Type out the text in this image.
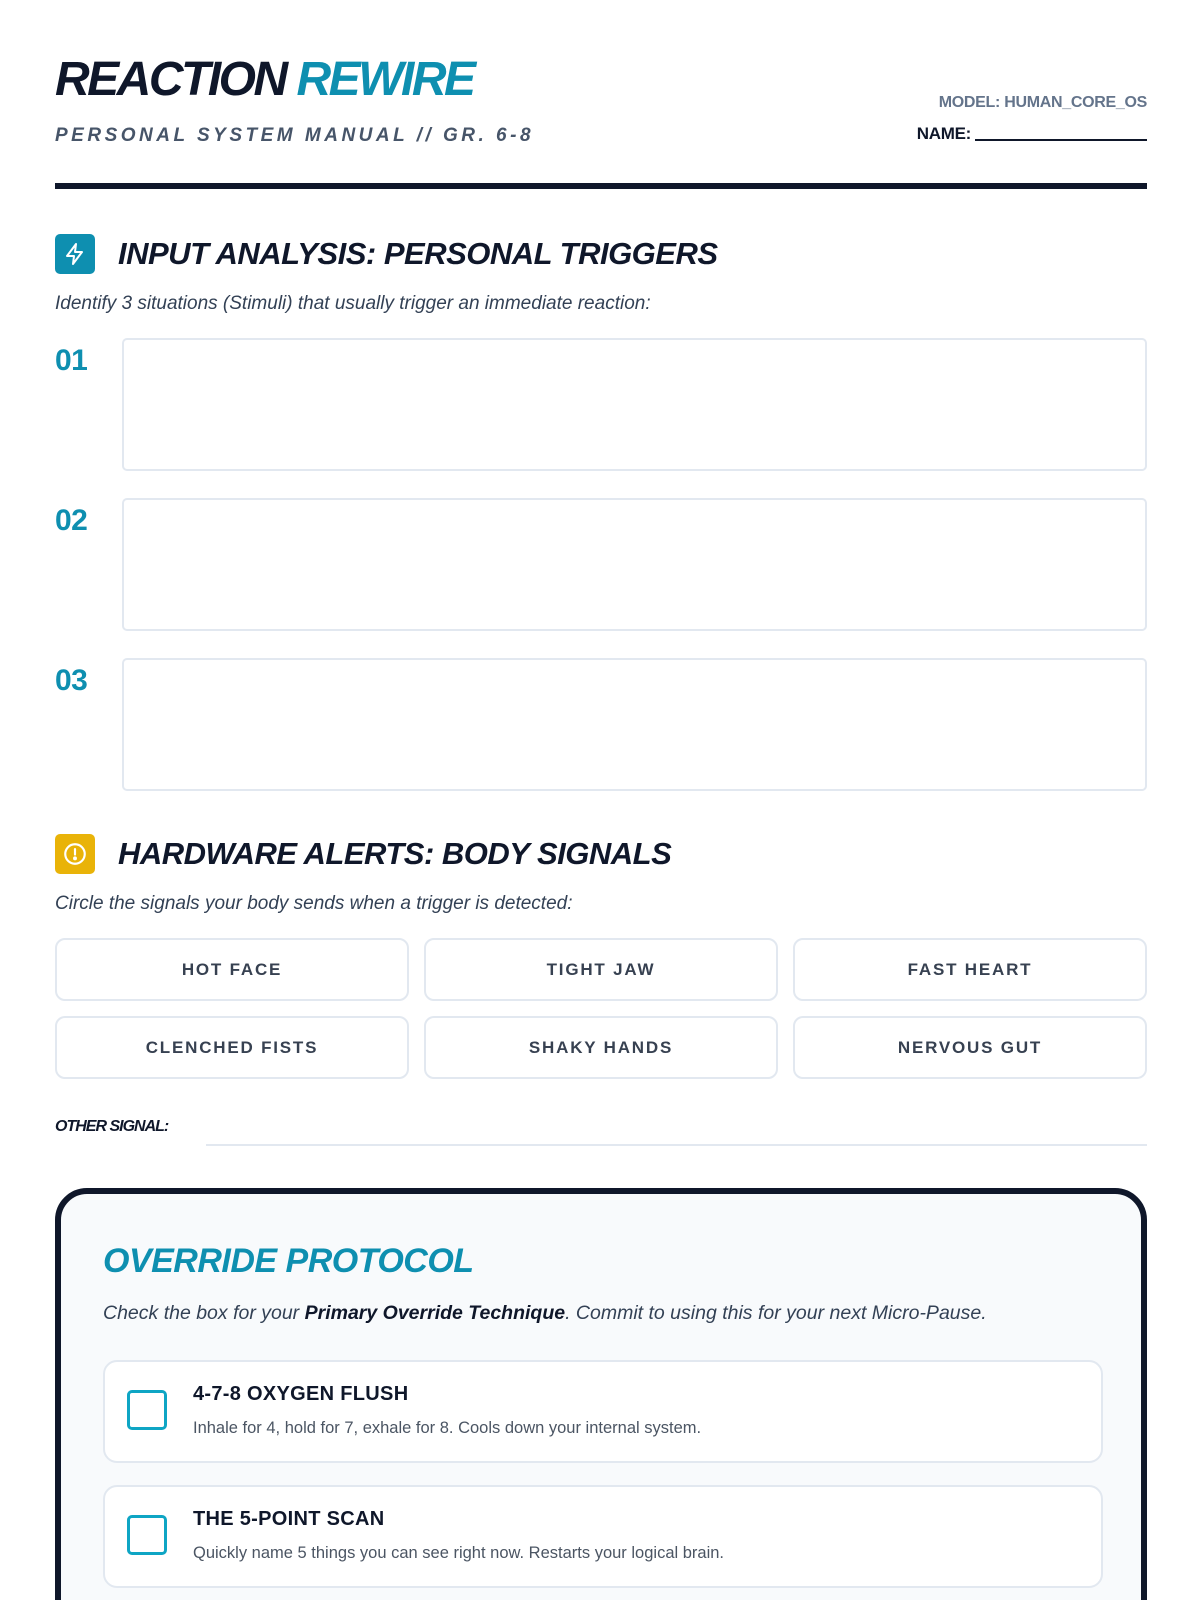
REACTION REWIRE
PERSONAL SYSTEM MANUAL // GR. 6-8
MODEL: HUMAN_CORE_OS
NAME:
INPUT ANALYSIS: PERSONAL TRIGGERS
Identify 3 situations (Stimuli) that usually trigger an immediate reaction:
01
02
03
HARDWARE ALERTS: BODY SIGNALS
Circle the signals your body sends when a trigger is detected:
HOT FACE	TIGHT JAW	FAST HEART
CLENCHED FISTS	SHAKY HANDS	NERVOUS GUT
OTHER SIGNAL:
OVERRIDE PROTOCOL
Check the box for your Primary Override Technique. Commit to using this for your next Micro-Pause.
4-7-8 OXYGEN FLUSH
Inhale for 4, hold for 7, exhale for 8. Cools down your internal system.
THE 5-POINT SCAN
Quickly name 5 things you can see right now. Restarts your logical brain.
